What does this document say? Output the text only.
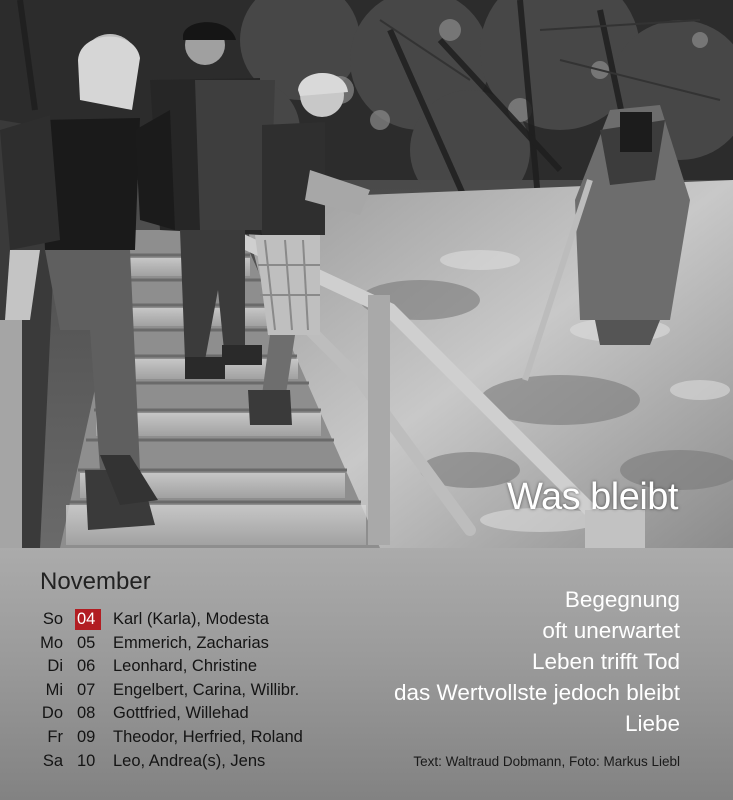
Was bleibt
November
So 04	Karl (Karla), Modesta
Mo 05 Emmerich, Zacharias
Di 06 Leonhard, Christine
Mi 07 Engelbert, Carina, Willibr.
Do 08 Gottfried, Willehad
Fr 09 Theodor, Herfried, Roland
Sa 10 Leo, Andrea(s), Jens
Begegnung
oft unerwartet
Leben trifft Tod
das Wertvollste jedoch bleibt
Liebe
Text: Waltraud Dobmann, Foto: Markus Liebl
